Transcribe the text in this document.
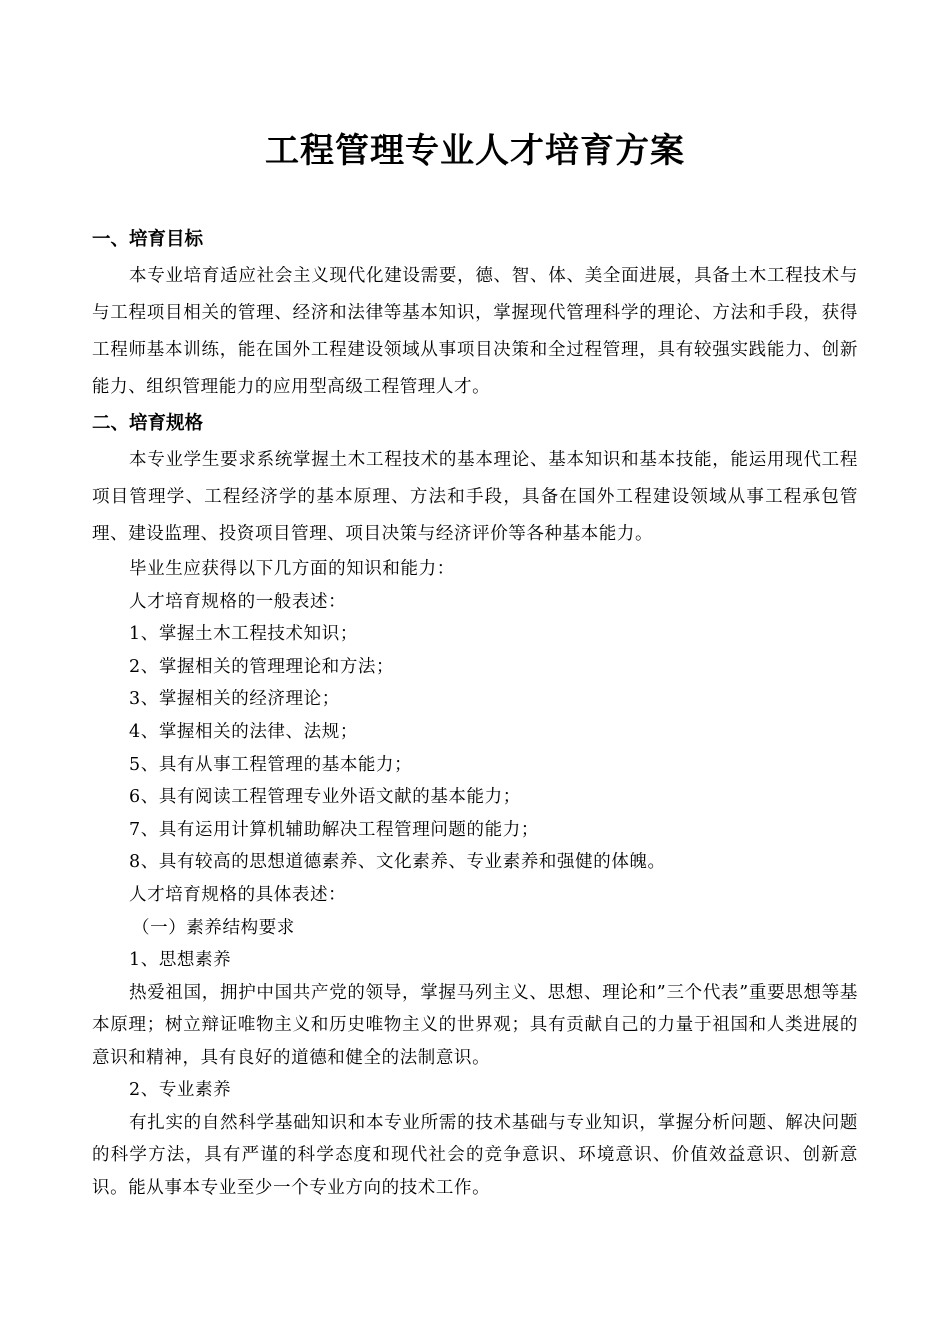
工程管理专业人才培育方案
一、培育目标

本专业培育适应社会主义现代化建设需要，德、智、体、美全面进展，具备土木工程技术与与工程项目相关的管理、经济和法律等基本知识，掌握现代管理科学的理论、方法和手段，获得工程师基本训练，能在国外工程建设领域从事项目决策和全过程管理，具有较强实践能力、创新能力、组织管理能力的应用型高级工程管理人才。

二、培育规格

本专业学生要求系统掌握土木工程技术的基本理论、基本知识和基本技能，能运用现代工程项目管理学、工程经济学的基本原理、方法和手段，具备在国外工程建设领域从事工程承包管理、建设监理、投资项目管理、项目决策与经济评价等各种基本能力。

毕业生应获得以下几方面的知识和能力：

人才培育规格的一般表述：

1、掌握土木工程技术知识；

2、掌握相关的管理理论和方法；

3、掌握相关的经济理论；

4、掌握相关的法律、法规；

5、具有从事工程管理的基本能力；

6、具有阅读工程管理专业外语文献的基本能力；

7、具有运用计算机辅助解决工程管理问题的能力；

8、具有较高的思想道德素养、文化素养、专业素养和强健的体魄。

人才培育规格的具体表述：

（一）素养结构要求

1、思想素养

热爱祖国，拥护中国共产党的领导，掌握马列主义、思想、理论和”三个代表”重要思想等基本原理；树立辩证唯物主义和历史唯物主义的世界观；具有贡献自己的力量于祖国和人类进展的意识和精神，具有良好的道德和健全的法制意识。

2、专业素养

有扎实的自然科学基础知识和本专业所需的技术基础与专业知识，掌握分析问题、解决问题的科学方法，具有严谨的科学态度和现代社会的竞争意识、环境意识、价值效益意识、创新意识。能从事本专业至少一个专业方向的技术工作。
